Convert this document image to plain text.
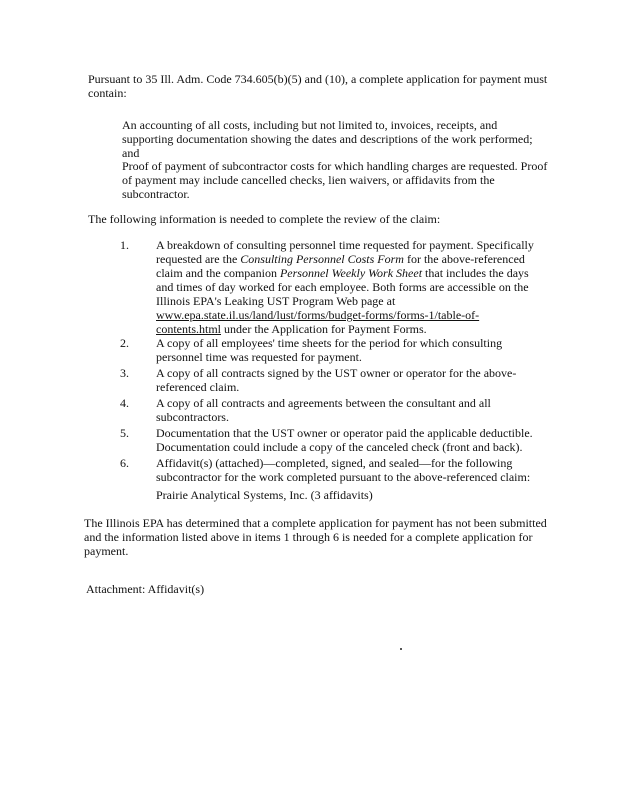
Pursuant to 35 Ill. Adm. Code 734.605(b)(5) and (10), a complete application for payment must contain:
An accounting of all costs, including but not limited to, invoices, receipts, and supporting documentation showing the dates and descriptions of the work performed; and
Proof of payment of subcontractor costs for which handling charges are requested. Proof of payment may include cancelled checks, lien waivers, or affidavits from the subcontractor.
The following information is needed to complete the review of the claim:
1.	A breakdown of consulting personnel time requested for payment. Specifically requested are the Consulting Personnel Costs Form for the above-referenced claim and the companion Personnel Weekly Work Sheet that includes the days and times of day worked for each employee. Both forms are accessible on the Illinois EPA's Leaking UST Program Web page at www.epa.state.il.us/land/lust/forms/budget-forms/forms-1/table-of-contents.html under the Application for Payment Forms.
2.	A copy of all employees' time sheets for the period for which consulting personnel time was requested for payment.
3.	A copy of all contracts signed by the UST owner or operator for the above-referenced claim.
4.	A copy of all contracts and agreements between the consultant and all subcontractors.
5.	Documentation that the UST owner or operator paid the applicable deductible. Documentation could include a copy of the canceled check (front and back).
6.	Affidavit(s) (attached)—completed, signed, and sealed—for the following subcontractor for the work completed pursuant to the above-referenced claim:
Prairie Analytical Systems, Inc. (3 affidavits)
The Illinois EPA has determined that a complete application for payment has not been submitted and the information listed above in items 1 through 6 is needed for a complete application for payment.
Attachment: Affidavit(s)
